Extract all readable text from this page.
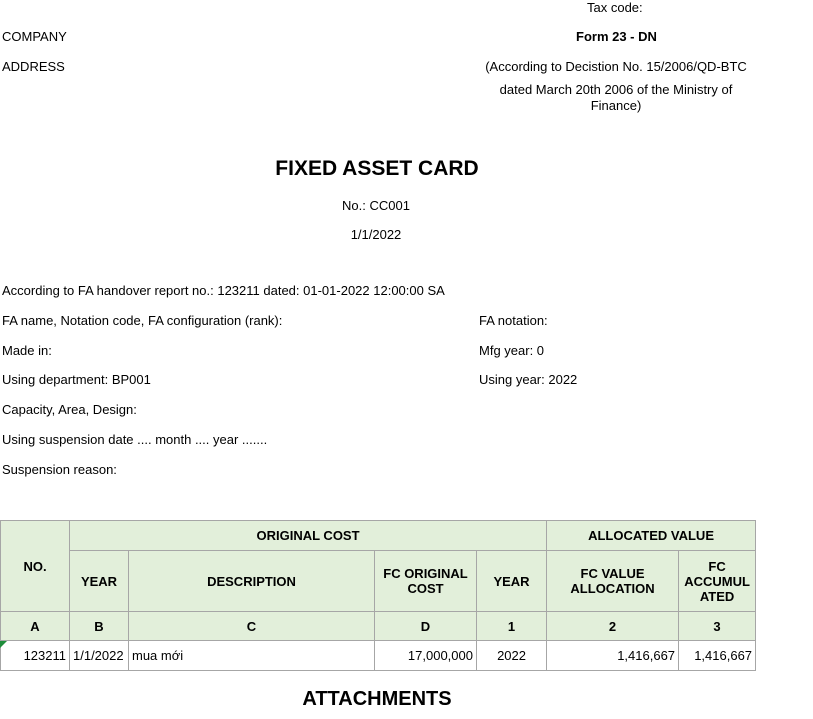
Tax code:
COMPANY	Form 23 - DN
ADDRESS	(According to Decistion No. 15/2006/QD-BTC
dated March 20th 2006 of the Ministry of
Finance)
FIXED ASSET CARD
No.: CC001
1/1/2022
According to FA handover report no.: 123211 dated: 01-01-2022 12:00:00 SA
FA name, Notation code, FA configuration (rank):	FA notation:
Made in:	Mfg year: 0
Using department: BP001	Using year: 2022
Capacity, Area, Design:
Using suspension date .... month .... year .......
Suspension reason:
NO.	ORIGINAL COST				ALLOCATED VALUE	
	YEAR	DESCRIPTION	FC ORIGINAL COST	YEAR	FC VALUE ALLOCATION	FC ACCUMUL ATED
A	B	C	D	1	2	3
123211	1/1/2022	mua mới	17,000,000	2022	1,416,667	1,416,667
ATTACHMENTS
